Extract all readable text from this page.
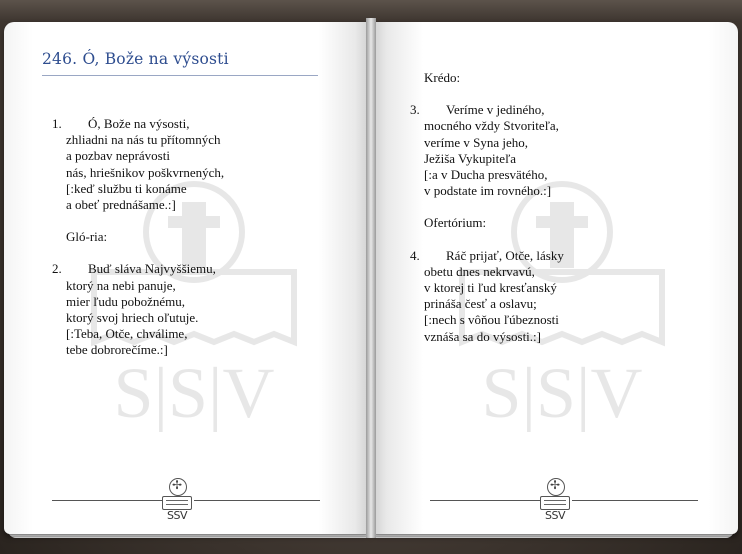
S|S|V
246. Ó, Bože na výsosti
1. Ó, Bože na výsosti,
zhliadni na nás tu přítomných
a pozbav neprávosti
nás, hriešnikov poškvrnených,
[:keď službu ti konáme
a obeť prednášame.:]
Gló-ria:
2. Buď sláva Najvyššiemu,
ktorý na nebi panuje,
mier ľudu pobožnému,
ktorý svoj hriech oľutuje.
[:Teba, Otče, chválime,
tebe dobrorečíme.:]
✢
SSV
S|S|V
Krédo:
3. Veríme v jediného,
mocného vždy Stvoriteľa,
veríme v Syna jeho,
Ježiša Vykupiteľa
[:a v Ducha presvätého,
v podstate im rovného.:]
Ofertórium:
4. Ráč prijať, Otče, lásky
obetu dnes nekrvavú,
v ktorej ti ľud kresťanský
prináša česť a oslavu;
[:nech s vôňou ľúbeznosti
vznáša sa do výsosti.:]
✢
SSV
